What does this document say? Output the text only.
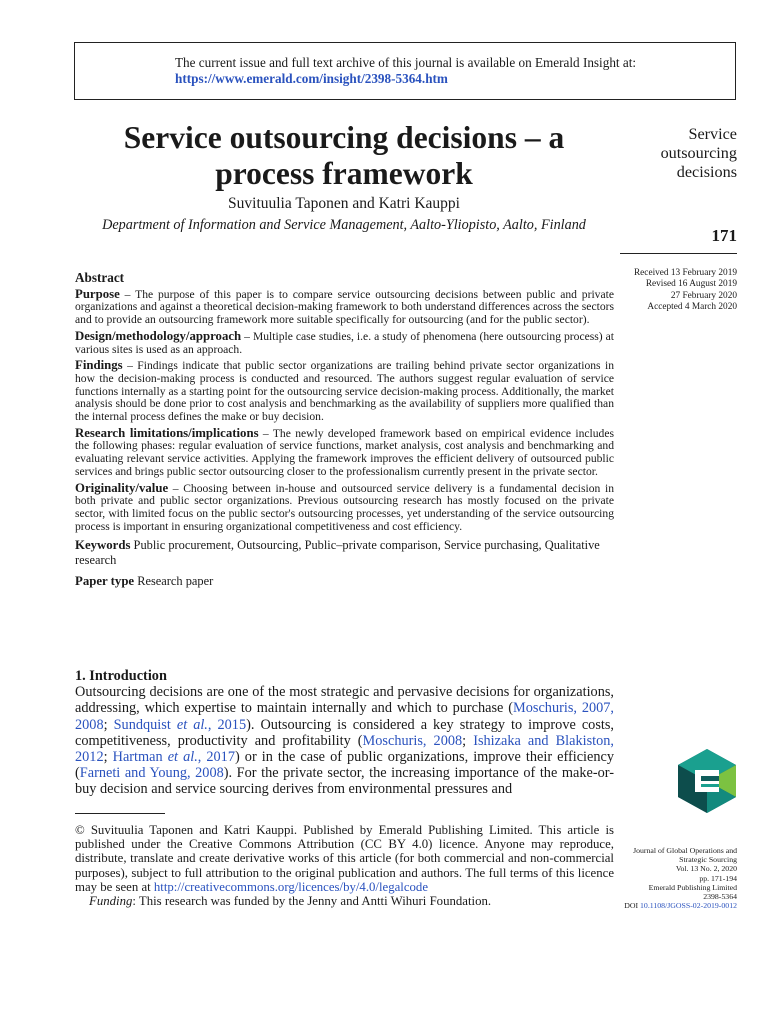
The current issue and full text archive of this journal is available on Emerald Insight at:
https://www.emerald.com/insight/2398-5364.htm
Service outsourcing decisions – a process framework
Suvituulia Taponen and Katri Kauppi
Department of Information and Service Management, Aalto-Yliopisto, Aalto, Finland
Service
outsourcing
decisions
171
Received 13 February 2019
Revised 16 August 2019
27 February 2020
Accepted 4 March 2020
Abstract

Purpose – The purpose of this paper is to compare service outsourcing decisions between public and private organizations and against a theoretical decision-making framework to both understand differences across the sectors and to provide an outsourcing framework more suitable specifically for outsourcing (and for the public sector).

Design/methodology/approach – Multiple case studies, i.e. a study of phenomena (here outsourcing process) at various sites is used as an approach.

Findings – Findings indicate that public sector organizations are trailing behind private sector organizations in how the decision-making process is conducted and resourced. The authors suggest regular evaluation of service functions internally as a starting point for the outsourcing service decision-making process. Additionally, the market analysis should be done prior to cost analysis and benchmarking as the availability of suppliers more qualified than the internal process defines the make or buy decision.

Research limitations/implications – The newly developed framework based on empirical evidence includes the following phases: regular evaluation of service functions, market analysis, cost analysis and benchmarking and evaluating relevant service activities. Applying the framework improves the efficient delivery of outsourced public services and brings public sector outsourcing closer to the professionalism currently present in the private sector.

Originality/value – Choosing between in-house and outsourced service delivery is a fundamental decision in both private and public sector organizations. Previous outsourcing research has mostly focused on the private sector, with limited focus on the public sector's outsourcing processes, yet understanding of the service outsourcing process is important in ensuring organizational competitiveness and cost efficiency.

Keywords Public procurement, Outsourcing, Public–private comparison, Service purchasing, Qualitative research

Paper type Research paper

1. Introduction
Outsourcing decisions are one of the most strategic and pervasive decisions for organizations, addressing, which expertise to maintain internally and which to purchase (Moschuris, 2007, 2008; Sundquist et al., 2015). Outsourcing is considered a key strategy to improve costs, competitiveness, productivity and profitability (Moschuris, 2008; Ishizaka and Blakiston, 2012; Hartman et al., 2017) or in the case of public organizations, improve their efficiency (Farneti and Young, 2008). For the private sector, the increasing importance of the make-or-buy decision and service sourcing derives from environmental pressures and

© Suvituulia Taponen and Katri Kauppi. Published by Emerald Publishing Limited. This article is published under the Creative Commons Attribution (CC BY 4.0) licence. Anyone may reproduce, distribute, translate and create derivative works of this article (for both commercial and non-commercial purposes), subject to full attribution to the original publication and authors. The full terms of this licence may be seen at http://creativecommons.org/licences/by/4.0/legalcode

Funding: This research was funded by the Jenny and Antti Wihuri Foundation.

Journal of Global Operations and
Strategic Sourcing
Vol. 13 No. 2, 2020
pp. 171-194
Emerald Publishing Limited
2398-5364
DOI 10.1108/JGOSS-02-2019-0012
